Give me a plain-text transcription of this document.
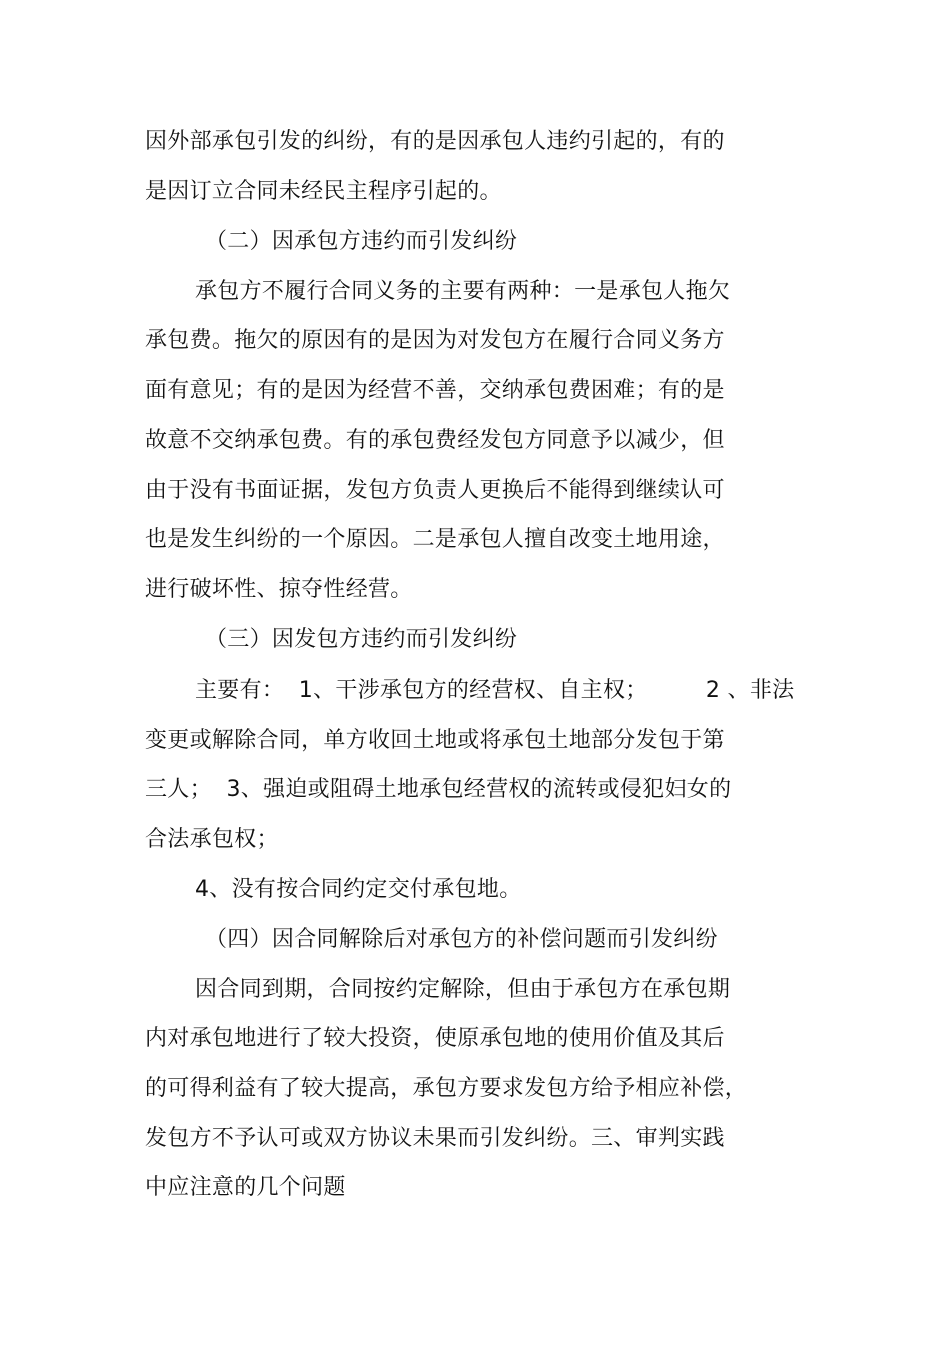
因外部承包引发的纠纷，有的是因承包人违约引起的，有的
是因订立合同未经民主程序引起的。
（二）因承包方违约而引发纠纷
承包方不履行合同义务的主要有两种：一是承包人拖欠
承包费。拖欠的原因有的是因为对发包方在履行合同义务方
面有意见；有的是因为经营不善，交纳承包费困难；有的是
故意不交纳承包费。有的承包费经发包方同意予以减少，但
由于没有书面证据，发包方负责人更换后不能得到继续认可
也是发生纠纷的一个原因。二是承包人擅自改变土地用途，
进行破坏性、掠夺性经营。
（三）因发包方违约而引发纠纷
主要有：  1、干涉承包方的经营权、自主权；        2 、非法
变更或解除合同，单方收回土地或将承包土地部分发包于第
三人；  3、强迫或阻碍土地承包经营权的流转或侵犯妇女的
合法承包权；
4、没有按合同约定交付承包地。
（四）因合同解除后对承包方的补偿问题而引发纠纷
因合同到期，合同按约定解除，但由于承包方在承包期
内对承包地进行了较大投资，使原承包地的使用价值及其后
的可得利益有了较大提高，承包方要求发包方给予相应补偿，
发包方不予认可或双方协议未果而引发纠纷。三、审判实践
中应注意的几个问题
